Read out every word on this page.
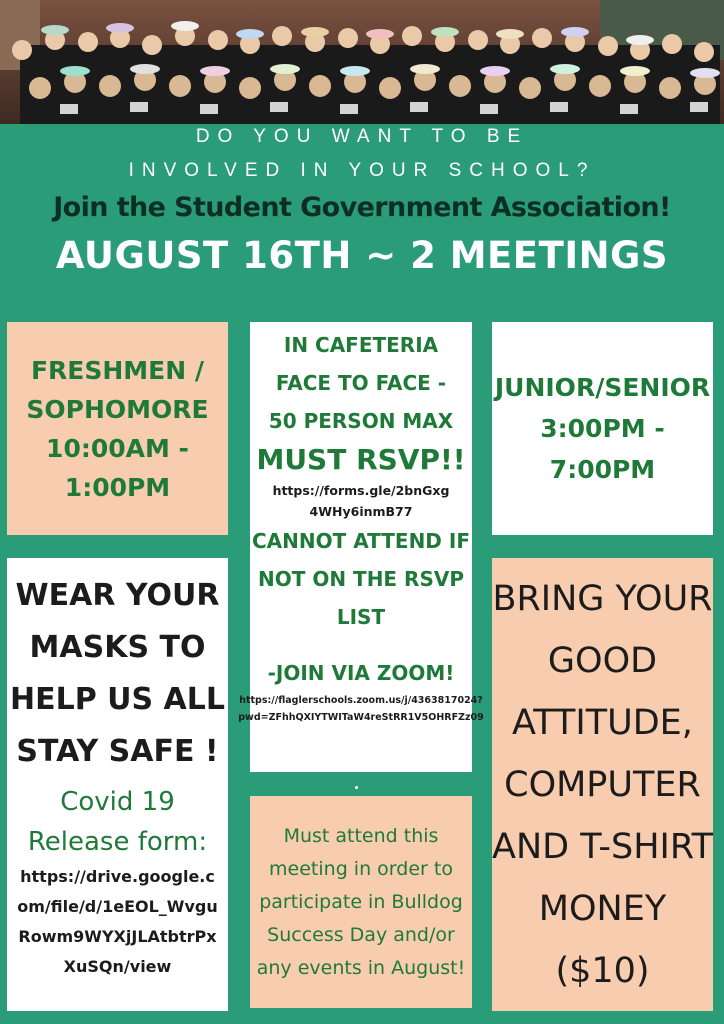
DO YOU WANT TO BE
INVOLVED IN YOUR SCHOOL?
Join the Student Government Association!
AUGUST 16TH ~ 2 MEETINGS
FRESHMEN /
SOPHOMORE
10:00AM -
1:00PM
IN CAFETERIA
FACE TO FACE -
50 PERSON MAX
MUST RSVP!!
https://forms.gle/2bnGxg
4WHy6inmB77
CANNOT ATTEND IF
NOT ON THE RSVP
LIST
-JOIN VIA ZOOM!
https://flaglerschools.zoom.us/j/4363817024?
pwd=ZFhhQXIYTWITaW4reStRR1V5OHRFZz09
JUNIOR/SENIOR
3:00PM -
7:00PM
WEAR YOUR
MASKS TO
HELP US ALL
STAY SAFE !
Covid 19
Release form:
https://drive.google.c
om/file/d/1eEOL_Wvgu
Rowm9WYXjJLAtbtrPx
XuSQn/view
Must attend this
meeting in order to
participate in Bulldog
Success Day and/or
any events in August!
BRING YOUR
GOOD
ATTITUDE,
COMPUTER
AND T-SHIRT
MONEY
($10)
